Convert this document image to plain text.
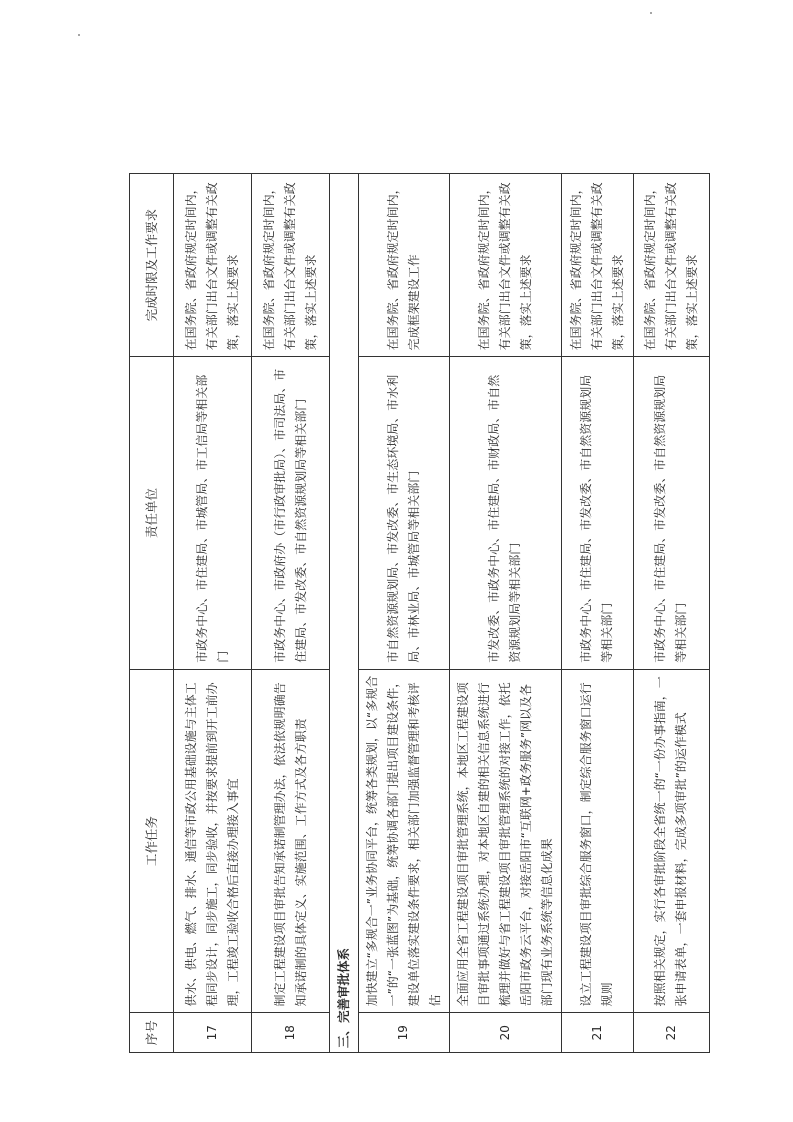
序号	工作任务	责任单位	完成时限及工作要求
17	供水、供电、燃气、排水、通信等市政公用基础设施与主体工程同步设计，同步施工，同步验收，并按要求提前到开工前办理，工程竣工验收合格后直接办理接入事宜	市政务中心、市住建局、市城管局、市工信局等相关部门	在国务院、省政府规定时间内，有关部门出台文件或调整有关政策，落实上述要求
18	制定工程建设项目审批告知承诺制管理办法，依法依规明确告知承诺制的具体定义、实施范围、工作方式及各方职责	市政务中心、市政府办（市行政审批局）、市司法局、市住建局、市发改委、市自然资源规划局等相关部门	在国务院、省政府规定时间内，有关部门出台文件或调整有关政策，落实上述要求
三、完善审批体系			
19	加快建立“多规合一”业务协同平台，统筹各类规划，以“多规合一”的“一张蓝图”为基础，统筹协调各部门提出项目建设条件，建设单位落实建设条件要求，相关部门加强监督管理和考核评估	市自然资源规划局、市发改委、市生态环境局、市水利局、市林业局、市城管局等相关部门	在国务院、省政府规定时间内，完成框架建设工作
20	全面应用全省工程建设项目审批管理系统，本地区工程建设项目审批事项通过系统办理，对本地区自建的相关信息系统进行梳理并做好与省工程建设项目审批管理系统的对接工作，依托岳阳市政务云平台，对接岳阳市“互联网+政务服务”网以及各部门现有业务系统等信息化成果	市发改委、市政务中心、市住建局、市财政局、市自然资源规划局等相关部门	在国务院、省政府规定时间内，有关部门出台文件或调整有关政策，落实上述要求
21	设立工程建设项目审批综合服务窗口，制定综合服务窗口运行规则	市政务中心、市住建局、市发改委、市自然资源规划局等相关部门	在国务院、省政府规定时间内，有关部门出台文件或调整有关政策，落实上述要求
22	按照相关规定，实行各审批阶段全省统一的“一份办事指南，一张申请表单，一套申报材料，完成多项审批”的运作模式	市政务中心、市住建局、市发改委、市自然资源规划局等相关部门	在国务院、省政府规定时间内，有关部门出台文件或调整有关政策，落实上述要求
